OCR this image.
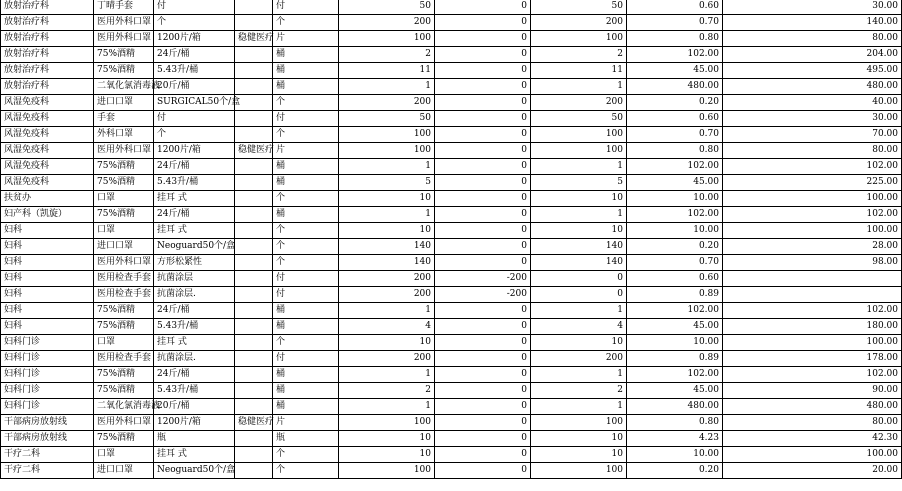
放射治疗科	丁晴手套	付		付	50	0	50	0.60	30.00
放射治疗科	医用外科口罩	个		个	200	0	200	0.70	140.00
放射治疗科	医用外科口罩	1200片/箱	稳健医疗	片	100	0	100	0.80	80.00
放射治疗科	75%酒精	24斤/桶		桶	2	0	2	102.00	204.00
放射治疗科	75%酒精	5.43升/桶		桶	11	0	11	45.00	495.00
放射治疗科	二氧化氯消毒液	20斤/桶		桶	1	0	1	480.00	480.00
风湿免疫科	进口口罩	SURGICAL50个/盒		个	200	0	200	0.20	40.00
风湿免疫科	手套	付		付	50	0	50	0.60	30.00
风湿免疫科	外科口罩	个		个	100	0	100	0.70	70.00
风湿免疫科	医用外科口罩	1200片/箱	稳健医疗	片	100	0	100	0.80	80.00
风湿免疫科	75%酒精	24斤/桶		桶	1	0	1	102.00	102.00
风湿免疫科	75%酒精	5.43升/桶		桶	5	0	5	45.00	225.00
扶贫办	口罩	挂耳 式		个	10	0	10	10.00	100.00
妇产科（凯旋）	75%酒精	24斤/桶		桶	1	0	1	102.00	102.00
妇科	口罩	挂耳 式		个	10	0	10	10.00	100.00
妇科	进口口罩	Neoguard50个/盒		个	140	0	140	0.20	28.00
妇科	医用外科口罩	方形松紧性		个	140	0	140	0.70	98.00
妇科	医用检查手套	抗菌涂层		付	200	-200	0	0.60	
妇科	医用检查手套	抗菌涂层.		付	200	-200	0	0.89	
妇科	75%酒精	24斤/桶		桶	1	0	1	102.00	102.00
妇科	75%酒精	5.43升/桶		桶	4	0	4	45.00	180.00
妇科门诊	口罩	挂耳 式		个	10	0	10	10.00	100.00
妇科门诊	医用检查手套	抗菌涂层.		付	200	0	200	0.89	178.00
妇科门诊	75%酒精	24斤/桶		桶	1	0	1	102.00	102.00
妇科门诊	75%酒精	5.43升/桶		桶	2	0	2	45.00	90.00
妇科门诊	二氧化氯消毒液	20斤/桶		桶	1	0	1	480.00	480.00
干部病房放射线	医用外科口罩	1200片/箱	稳健医疗	片	100	0	100	0.80	80.00
干部病房放射线	75%酒精	瓶		瓶	10	0	10	4.23	42.30
干疗二科	口罩	挂耳 式		个	10	0	10	10.00	100.00
干疗二科	进口口罩	Neoguard50个/盒		个	100	0	100	0.20	20.00
